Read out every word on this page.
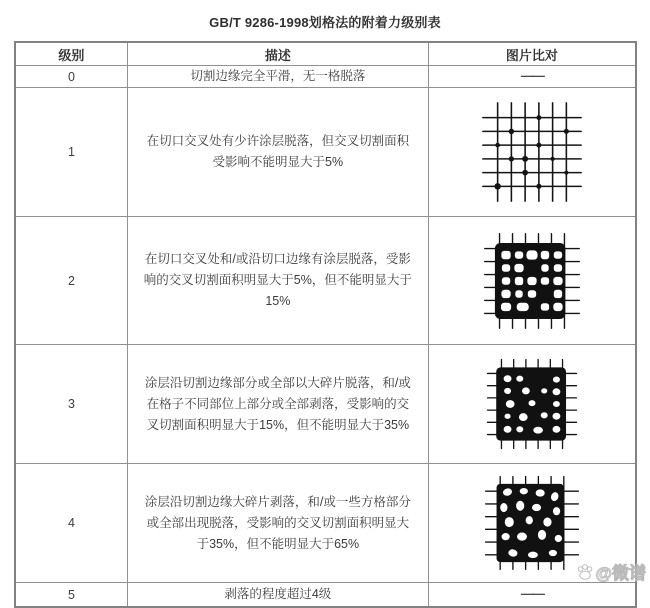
GB/T 9286-1998划格法的附着力级别表
级别	描述	图片比对
0	切割边缘完全平滑，无一格脱落	——
1	在切口交叉处有少许涂层脱落，但交叉切割面积受影响不能明显大于5%	
2	在切口交叉处和/或沿切口边缘有涂层脱落，受影响的交叉切割面积明显大于5%，但不能明显大于15%	
3	涂层沿切割边缘部分或全部以大碎片脱落，和/或在格子不同部位上部分或全部剥落，受影响的交叉切割面积明显大于15%，但不能明显大于35%	
4	涂层沿切割边缘大碎片剥落，和/或一些方格部分或全部出现脱落，受影响的交叉切割面积明显大于35%，但不能明显大于65%	
5	剥落的程度超过4级	——
@微谱
